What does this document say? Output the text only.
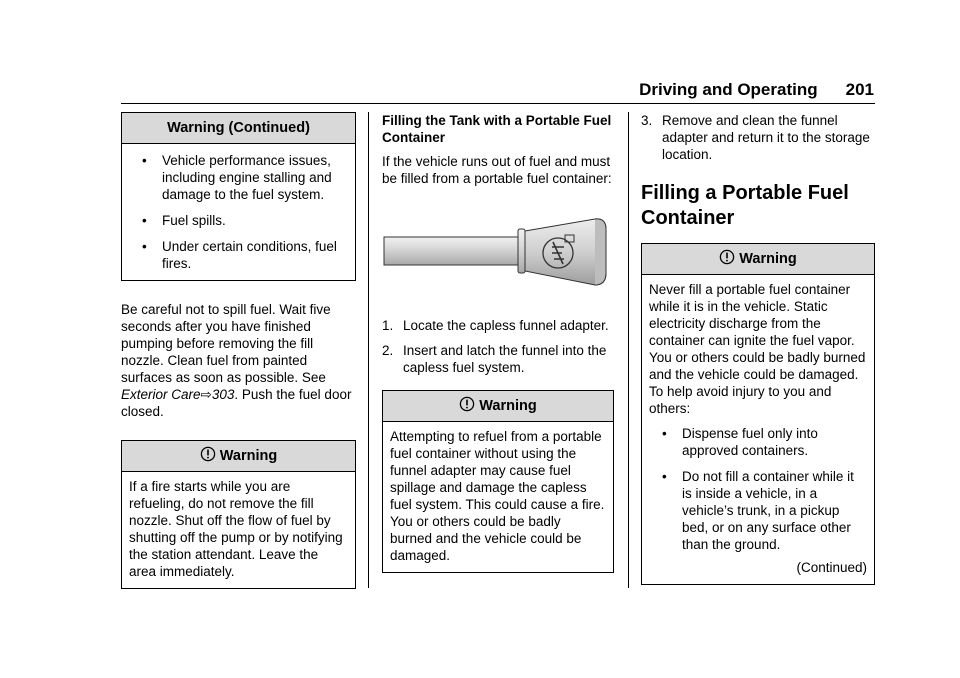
Driving and Operating 201
Warning (Continued)
• Vehicle performance issues, including engine stalling and damage to the fuel system.
• Fuel spills.
• Under certain conditions, fuel fires.

Be careful not to spill fuel. Wait five seconds after you have finished pumping before removing the fill nozzle. Clean fuel from painted surfaces as soon as possible. See Exterior Care⇨303. Push the fuel door closed.

Warning

If a fire starts while you are refueling, do not remove the fill nozzle. Shut off the flow of fuel by shutting off the pump or by notifying the station attendant. Leave the area immediately.

Filling the Tank with a Portable Fuel Container

If the vehicle runs out of fuel and must be filled from a portable fuel container:

1. Locate the capless funnel adapter.
2. Insert and latch the funnel into the capless fuel system.
Warning

Attempting to refuel from a portable fuel container without using the funnel adapter may cause fuel spillage and damage the capless fuel system. This could cause a fire. You or others could be badly burned and the vehicle could be damaged.

3. Remove and clean the funnel adapter and return it to the storage location.
Filling a Portable Fuel Container
Warning

Never fill a portable fuel container while it is in the vehicle. Static electricity discharge from the container can ignite the fuel vapor. You or others could be badly burned and the vehicle could be damaged. To help avoid injury to you and others:

• Dispense fuel only into approved containers.
• Do not fill a container while it is inside a vehicle, in a vehicle’s trunk, in a pickup bed, or on any surface other than the ground.
(Continued)
